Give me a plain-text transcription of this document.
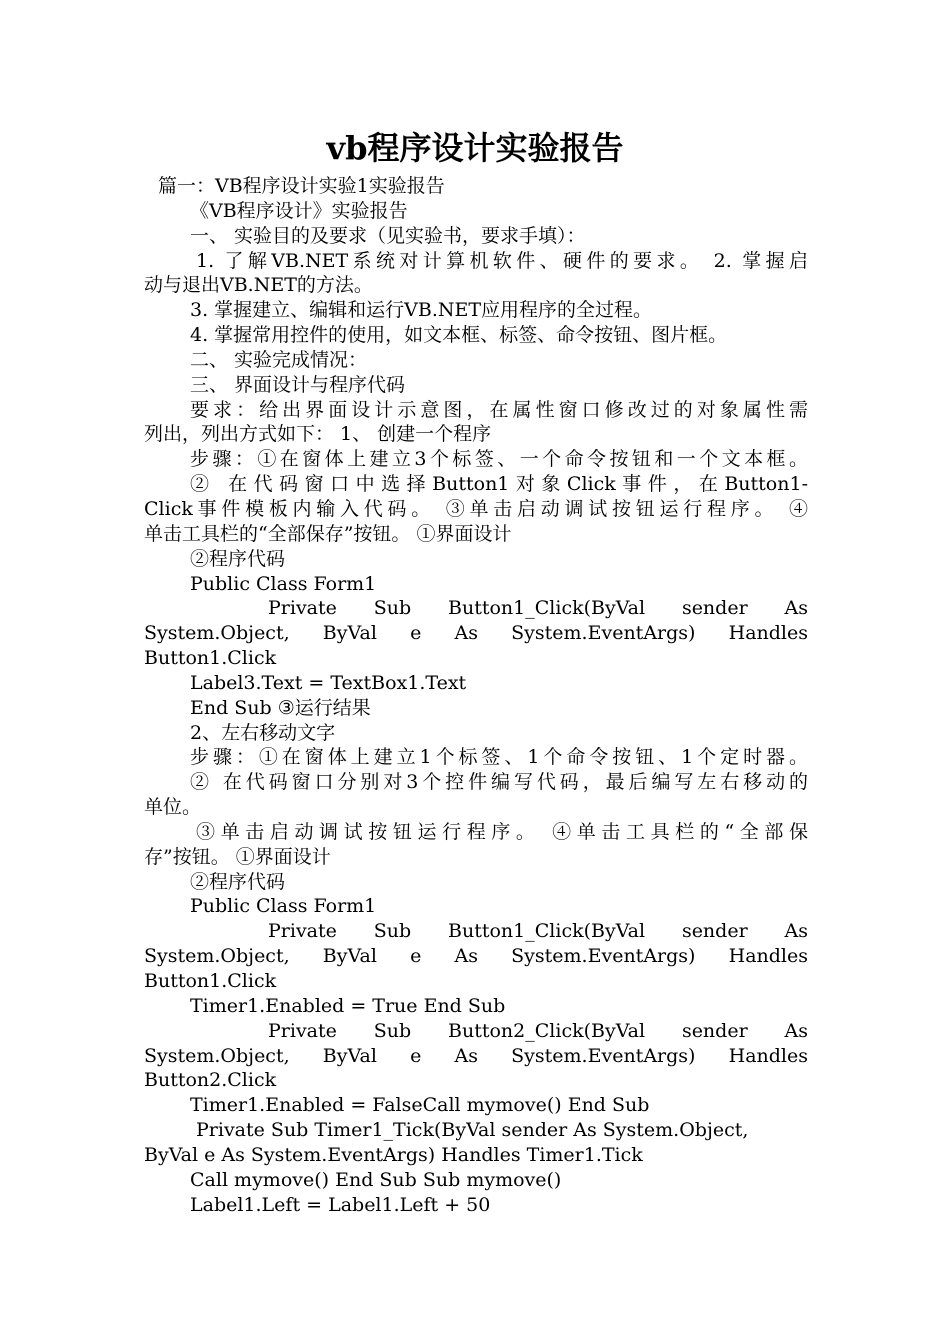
vb程序设计实验报告
篇一：VB程序设计实验1实验报告
《VB程序设计》实验报告
一、 实验目的及要求（见实验书，要求手填）：
1. 了解VB.NET系统对计算机软件、硬件的要求。 2. 掌握启
动与退出VB.NET的方法。
3. 掌握建立、编辑和运行VB.NET应用程序的全过程。
4. 掌握常用控件的使用，如文本框、标签、命令按钮、图片框。
二、 实验完成情况：
三、 界面设计与程序代码
要求：给出界面设计示意图，在属性窗口修改过的对象属性需
列出，列出方式如下： 1、 创建一个程序
步骤：①在窗体上建立3个标签、一个命令按钮和一个文本框。
② 在代码窗口中选择Button1对象Click事件，在Button1-
Click事件模板内输入代码。 ③单击启动调试按钮运行程序。 ④
单击工具栏的“全部保存”按钮。 ①界面设计
②程序代码
Public Class Form1
Private  Sub  Button1_Click(ByVal  sender  As
System.Object,  ByVal  e  As  System.EventArgs)  Handles
Button1.Click
Label3.Text = TextBox1.Text
End Sub ③运行结果
2、左右移动文字
步骤：①在窗体上建立1个标签、1个命令按钮、1个定时器。
② 在代码窗口分别对3个控件编写代码，最后编写左右移动的
单位。
③单击启动调试按钮运行程序。 ④单击工具栏的“全部保
存”按钮。 ①界面设计
②程序代码
Public Class Form1
Private  Sub  Button1_Click(ByVal  sender  As
System.Object,  ByVal  e  As  System.EventArgs)  Handles
Button1.Click
Timer1.Enabled = True End Sub
Private  Sub  Button2_Click(ByVal  sender  As
System.Object,  ByVal  e  As  System.EventArgs)  Handles
Button2.Click
Timer1.Enabled = FalseCall mymove() End Sub
Private Sub Timer1_Tick(ByVal sender As System.Object,
ByVal e As System.EventArgs) Handles Timer1.Tick
Call mymove() End Sub Sub mymove()
Label1.Left = Label1.Left + 50
